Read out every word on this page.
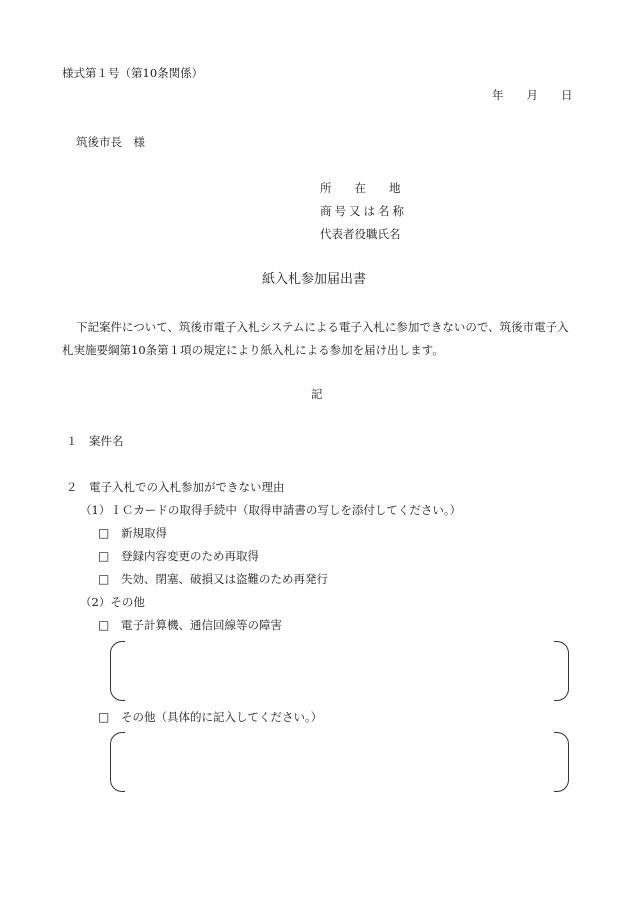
様式第１号（第10条関係）
年　　月　　日
筑後市長　様
所　　在　　地
商号又は名称
代表者役職氏名
紙入札参加届出書
下記案件について、筑後市電子入札システムによる電子入札に参加できないので、筑後市電子入
札実施要綱第10条第１項の規定により紙入札による参加を届け出します。
記
１　案件名
２　電子入札での入札参加ができない理由
（1）ＩＣカードの取得手続中（取得申請書の写しを添付してください。）
□ 新規取得
□ 登録内容変更のため再取得
□ 失効、閉塞、破損又は盗難のため再発行
（2）その他
□ 電子計算機、通信回線等の障害
□ その他（具体的に記入してください。）
